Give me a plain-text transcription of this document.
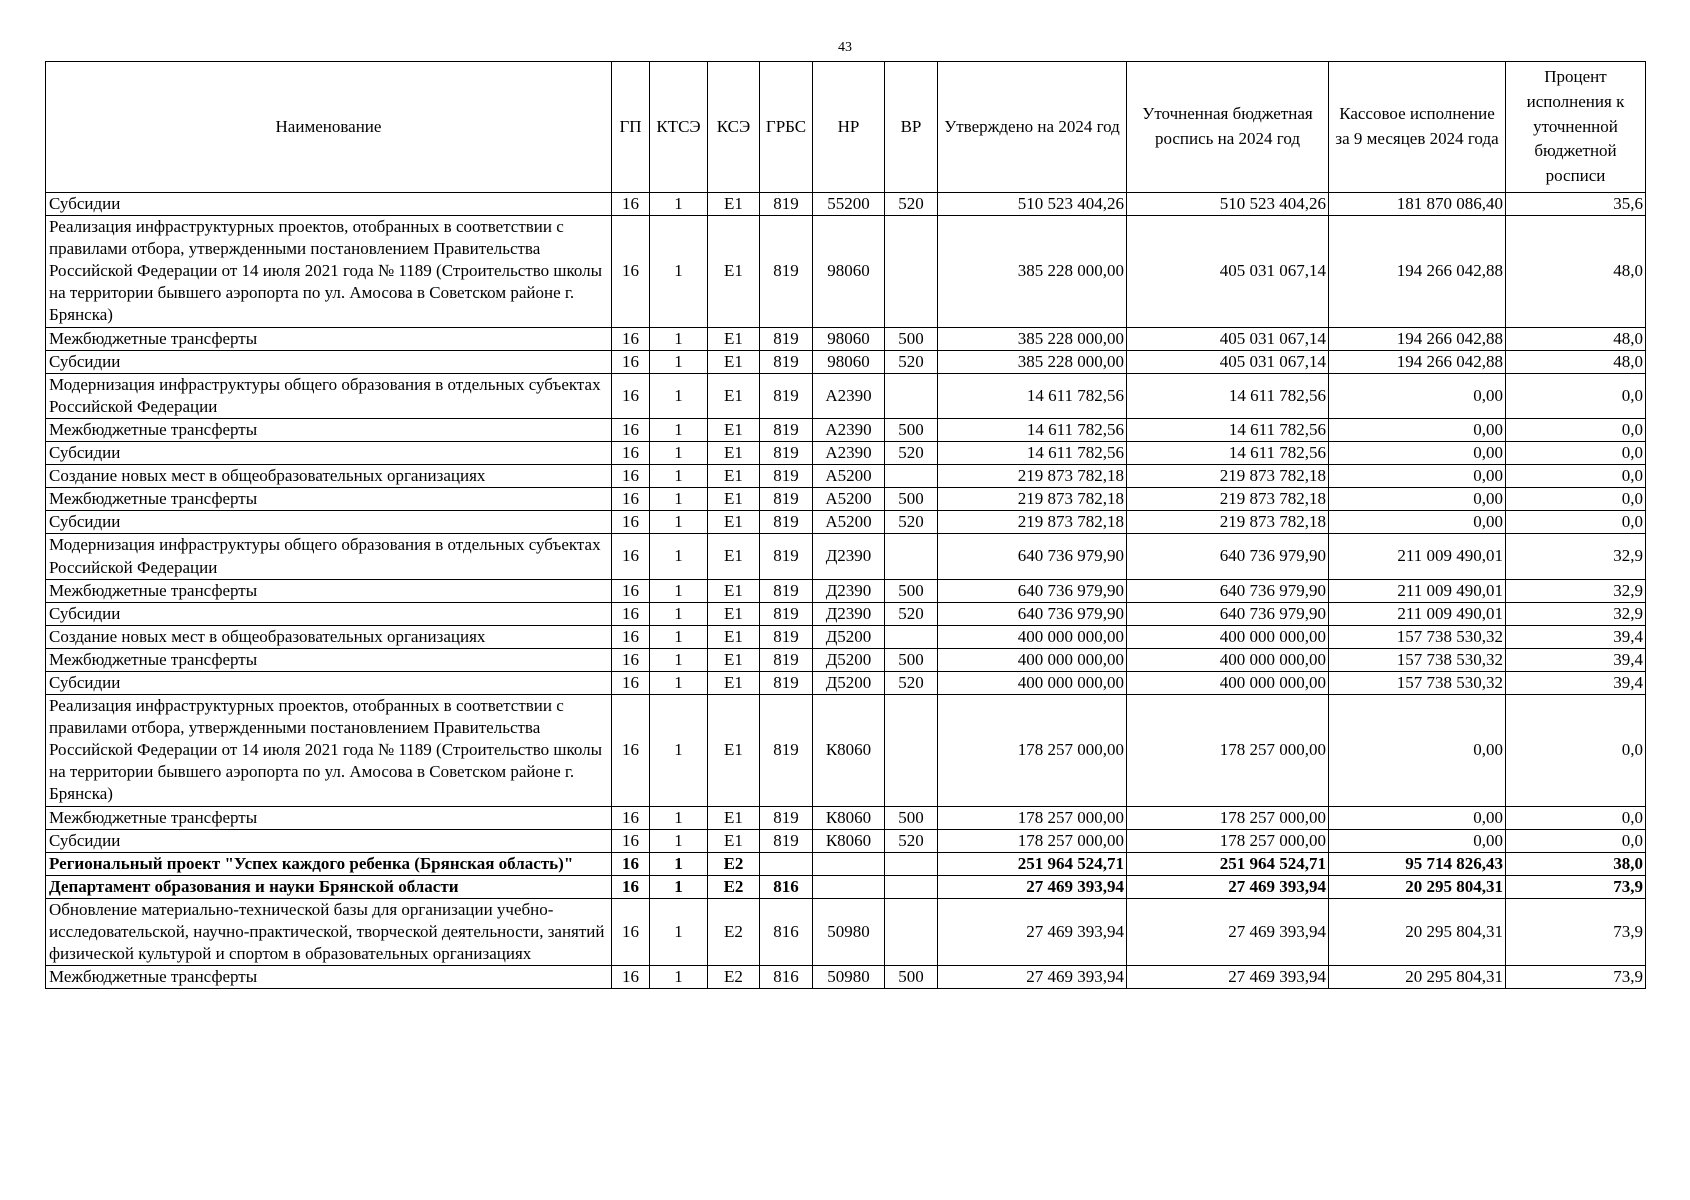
43
Наименование	ГП	КТСЭ	КСЭ	ГРБС	НР	ВР	Утверждено на 2024 год	Уточненная бюджетная роспись на 2024 год	Кассовое исполнение за 9 месяцев 2024 года	Процент исполнения к уточненной бюджетной росписи
Субсидии	16	1	Е1	819	55200	520	510 523 404,26	510 523 404,26	181 870 086,40	35,6
Реализация инфраструктурных проектов, отобранных в соответствии с правилами отбора, утвержденными постановлением Правительства Российской Федерации от 14 июля 2021 года № 1189 (Строительство школы на территории бывшего аэропорта по ул. Амосова в Советском районе г. Брянска)	16	1	Е1	819	98060		385 228 000,00	405 031 067,14	194 266 042,88	48,0
Межбюджетные трансферты	16	1	Е1	819	98060	500	385 228 000,00	405 031 067,14	194 266 042,88	48,0
Субсидии	16	1	Е1	819	98060	520	385 228 000,00	405 031 067,14	194 266 042,88	48,0
Модернизация инфраструктуры общего образования в отдельных субъектах Российской Федерации	16	1	Е1	819	А2390		14 611 782,56	14 611 782,56	0,00	0,0
Межбюджетные трансферты	16	1	Е1	819	А2390	500	14 611 782,56	14 611 782,56	0,00	0,0
Субсидии	16	1	Е1	819	А2390	520	14 611 782,56	14 611 782,56	0,00	0,0
Создание новых мест в общеобразовательных организациях	16	1	Е1	819	А5200		219 873 782,18	219 873 782,18	0,00	0,0
Межбюджетные трансферты	16	1	Е1	819	А5200	500	219 873 782,18	219 873 782,18	0,00	0,0
Субсидии	16	1	Е1	819	А5200	520	219 873 782,18	219 873 782,18	0,00	0,0
Модернизация инфраструктуры общего образования в отдельных субъектах Российской Федерации	16	1	Е1	819	Д2390		640 736 979,90	640 736 979,90	211 009 490,01	32,9
Межбюджетные трансферты	16	1	Е1	819	Д2390	500	640 736 979,90	640 736 979,90	211 009 490,01	32,9
Субсидии	16	1	Е1	819	Д2390	520	640 736 979,90	640 736 979,90	211 009 490,01	32,9
Создание новых мест в общеобразовательных организациях	16	1	Е1	819	Д5200		400 000 000,00	400 000 000,00	157 738 530,32	39,4
Межбюджетные трансферты	16	1	Е1	819	Д5200	500	400 000 000,00	400 000 000,00	157 738 530,32	39,4
Субсидии	16	1	Е1	819	Д5200	520	400 000 000,00	400 000 000,00	157 738 530,32	39,4
Реализация инфраструктурных проектов, отобранных в соответствии с правилами отбора, утвержденными постановлением Правительства Российской Федерации от 14 июля 2021 года № 1189 (Строительство школы на территории бывшего аэропорта по ул. Амосова в Советском районе г. Брянска)	16	1	Е1	819	К8060		178 257 000,00	178 257 000,00	0,00	0,0
Межбюджетные трансферты	16	1	Е1	819	К8060	500	178 257 000,00	178 257 000,00	0,00	0,0
Субсидии	16	1	Е1	819	К8060	520	178 257 000,00	178 257 000,00	0,00	0,0
Региональный проект "Успех каждого ребенка (Брянская область)"	16	1	Е2				251 964 524,71	251 964 524,71	95 714 826,43	38,0
Департамент образования и науки Брянской области	16	1	Е2	816			27 469 393,94	27 469 393,94	20 295 804,31	73,9
Обновление материально-технической базы для организации учебно-исследовательской, научно-практической, творческой деятельности, занятий физической культурой и спортом в образовательных организациях	16	1	Е2	816	50980		27 469 393,94	27 469 393,94	20 295 804,31	73,9
Межбюджетные трансферты	16	1	Е2	816	50980	500	27 469 393,94	27 469 393,94	20 295 804,31	73,9
